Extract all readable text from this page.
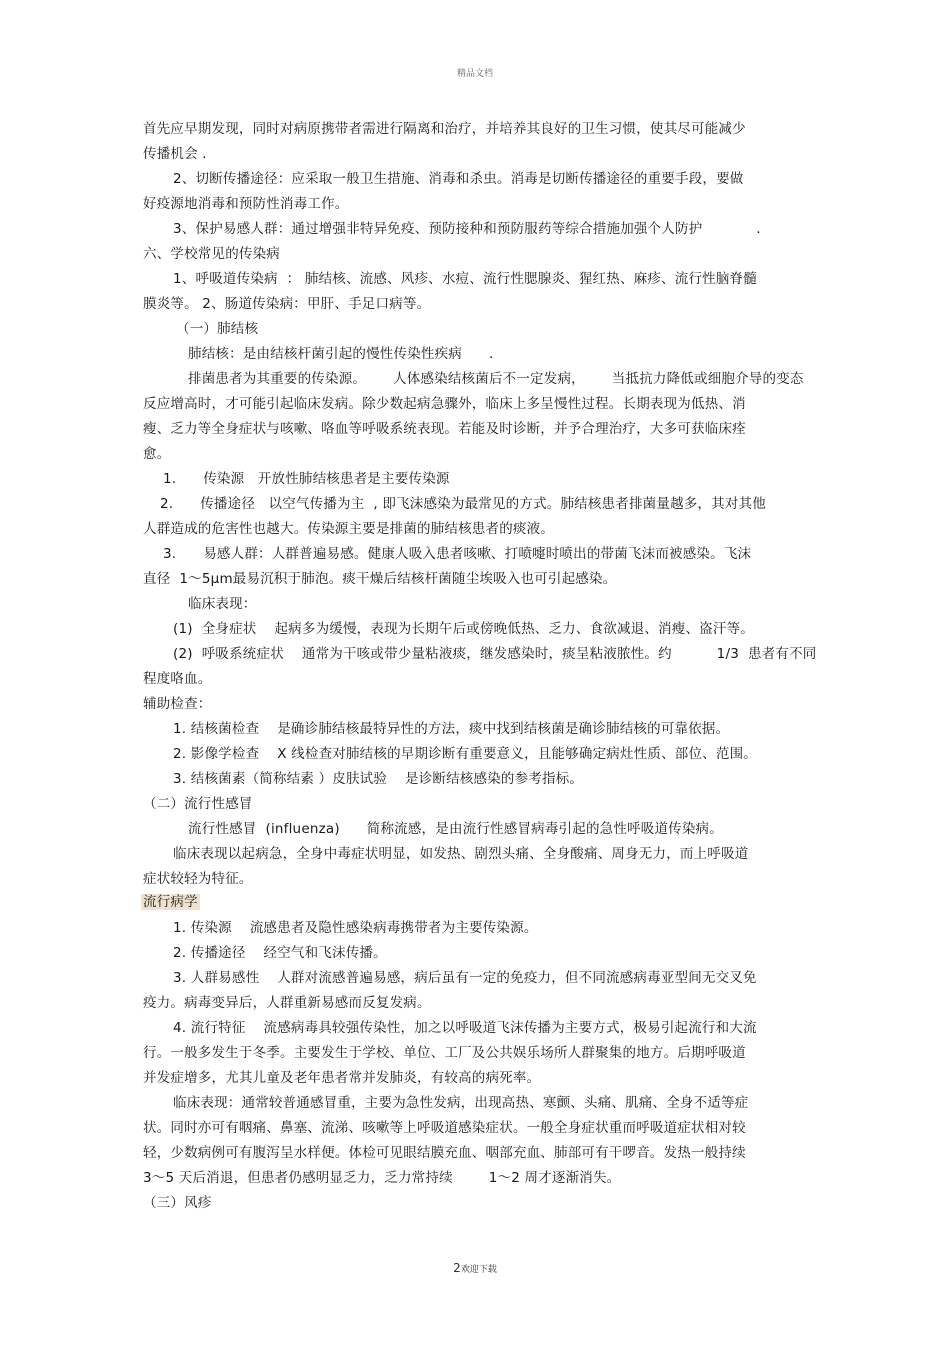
精品文档
首先应早期发现，同时对病原携带者需进行隔离和治疗，并培养其良好的卫生习惯，使其尽可能减少
传播机会 .
2、切断传播途径：应采取一般卫生措施、消毒和杀虫。消毒是切断传播途径的重要手段，要做
好疫源地消毒和预防性消毒工作。
3、保护易感人群：通过增强非特异免疫、预防接种和预防服药等综合措施加强个人防护            .
六、学校常见的传染病
1、呼吸道传染病  ： 肺结核、流感、风疹、水痘、流行性腮腺炎、猩红热、麻疹、流行性脑脊髓
膜炎等。 2、肠道传染病：甲肝、手足口病等。
（一）肺结核
肺结核：是由结核杆菌引起的慢性传染性疾病      .
排菌患者为其重要的传染源。      人体感染结核菌后不一定发病，      当抵抗力降低或细胞介导的变态
反应增高时，才可能引起临床发病。除少数起病急骤外，临床上多呈慢性过程。长期表现为低热、消
瘦、乏力等全身症状与咳嗽、咯血等呼吸系统表现。若能及时诊断，并予合理治疗，大多可获临床痊
愈。
1.      传染源   开放性肺结核患者是主要传染源
2.      传播途径   以空气传播为主  , 即飞沫感染为最常见的方式。肺结核患者排菌量越多，其对其他
人群造成的危害性也越大。传染源主要是排菌的肺结核患者的痰液。
3.      易感人群：人群普遍易感。健康人吸入患者咳嗽、打喷嚏时喷出的带菌飞沫而被感染。飞沫
直径  1～5μm最易沉积于肺泡。痰干燥后结核杆菌随尘埃吸入也可引起感染。
临床表现：
(1)  全身症状    起病多为缓慢，表现为长期午后或傍晚低热、乏力、食欲减退、消瘦、盗汗等。
(2)  呼吸系统症状    通常为干咳或带少量粘液痰，继发感染时，痰呈粘液脓性。约          1/3  患者有不同
程度咯血。
辅助检查：
1. 结核菌检查    是确诊肺结核最特异性的方法，痰中找到结核菌是确诊肺结核的可靠依据。
2. 影像学检查    X 线检查对肺结核的早期诊断有重要意义，且能够确定病灶性质、部位、范围。
3. 结核菌素（简称结素 ）皮肤试验    是诊断结核感染的参考指标。
（二）流行性感冒
流行性感冒  (influenza)      简称流感，是由流行性感冒病毒引起的急性呼吸道传染病。
临床表现以起病急，全身中毒症状明显，如发热、剧烈头痛、全身酸痛、周身无力，而上呼吸道
症状较轻为特征。
流行病学
1. 传染源    流感患者及隐性感染病毒携带者为主要传染源。
2. 传播途径    经空气和飞沫传播。
3. 人群易感性    人群对流感普遍易感，病后虽有一定的免疫力，但不同流感病毒亚型间无交叉免
疫力。病毒变异后，人群重新易感而反复发病。
4. 流行特征    流感病毒具较强传染性，加之以呼吸道飞沫传播为主要方式，极易引起流行和大流
行。一般多发生于冬季。主要发生于学校、单位、工厂及公共娱乐场所人群聚集的地方。后期呼吸道
并发症增多，尤其儿童及老年患者常并发肺炎，有较高的病死率。
临床表现：通常较普通感冒重，主要为急性发病，出现高热、寒颤、头痛、肌痛、全身不适等症
状。同时亦可有咽痛、鼻塞、流涕、咳嗽等上呼吸道感染症状。一般全身症状重而呼吸道症状相对较
轻，少数病例可有腹泻呈水样便。体检可见眼结膜充血、咽部充血、肺部可有干啰音。发热一般持续
3～5 天后消退，但患者仍感明显乏力，乏力常持续        1～2 周才逐渐消失。
（三）风疹
2欢迎下载
